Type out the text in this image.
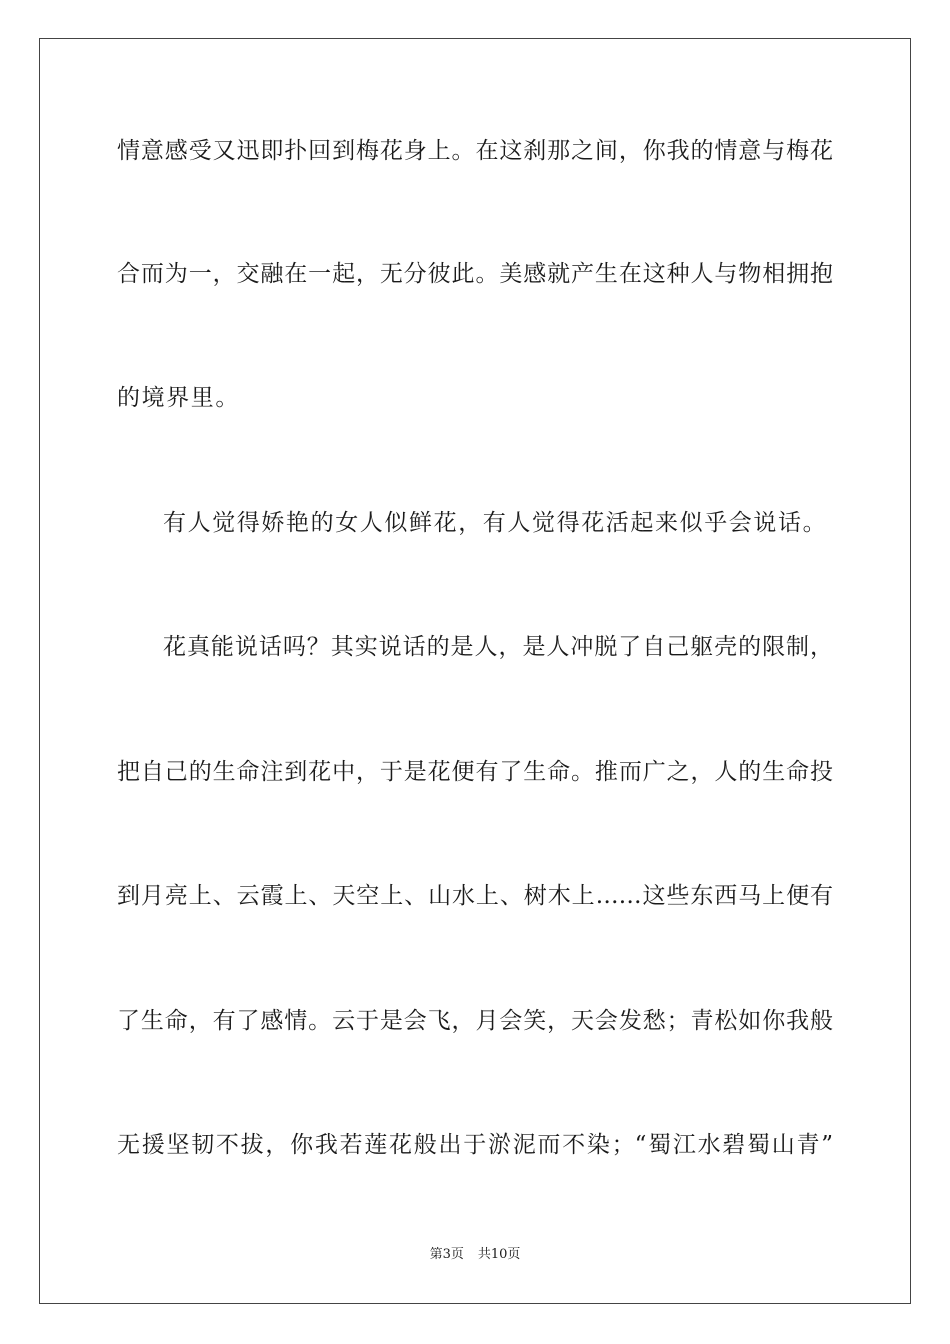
情意感受又迅即扑回到梅花身上。在这刹那之间，你我的情意与梅花
合而为一，交融在一起，无分彼此。美感就产生在这种人与物相拥抱
的境界里。
有人觉得娇艳的女人似鲜花，有人觉得花活起来似乎会说话。
花真能说话吗？其实说话的是人，是人冲脱了自己躯壳的限制，
把自己的生命注到花中，于是花便有了生命。推而广之，人的生命投
到月亮上、云霞上、天空上、山水上、树木上……这些东西马上便有
了生命，有了感情。云于是会飞，月会笑，天会发愁；青松如你我般
无援坚韧不拔，你我若莲花般出于淤泥而不染；“蜀江水碧蜀山青”
第3页 共10页
